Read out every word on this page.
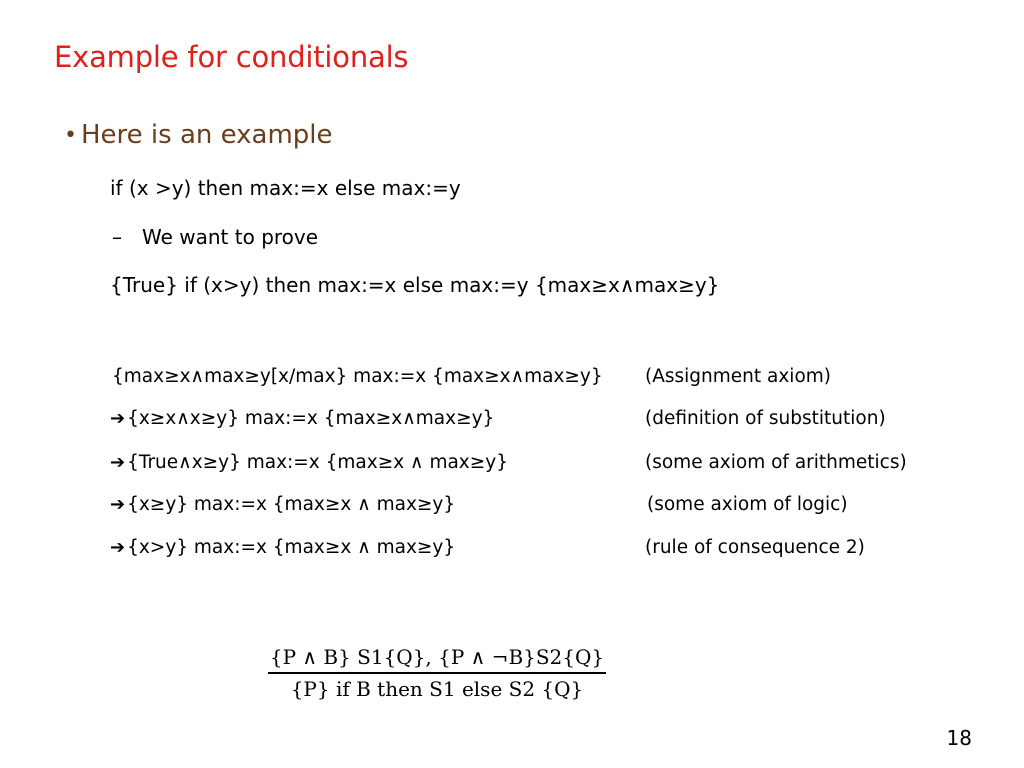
Example for conditionals
• Here is an example
if (x >y) then max:=x else max:=y
–	We want to prove
{True} if (x>y) then max:=x else max:=y {max≥x∧max≥y}
{max≥x∧max≥y[x/max} max:=x {max≥x∧max≥y} (Assignment axiom)
➔ {x≥x∧x≥y} max:=x {max≥x∧max≥y}	(definition of substitution)
➔ {True∧x≥y} max:=x {max≥x ∧ max≥y}	(some axiom of arithmetics)
➔ {x≥y} max:=x {max≥x ∧ max≥y}	(some axiom of logic)
➔ {x>y} max:=x {max≥x ∧ max≥y}	(rule of consequence 2)
{P ∧ B} S1{Q}, {P ∧ ¬B}S2{Q}
{P} if B then S1 else S2 {Q}
18
